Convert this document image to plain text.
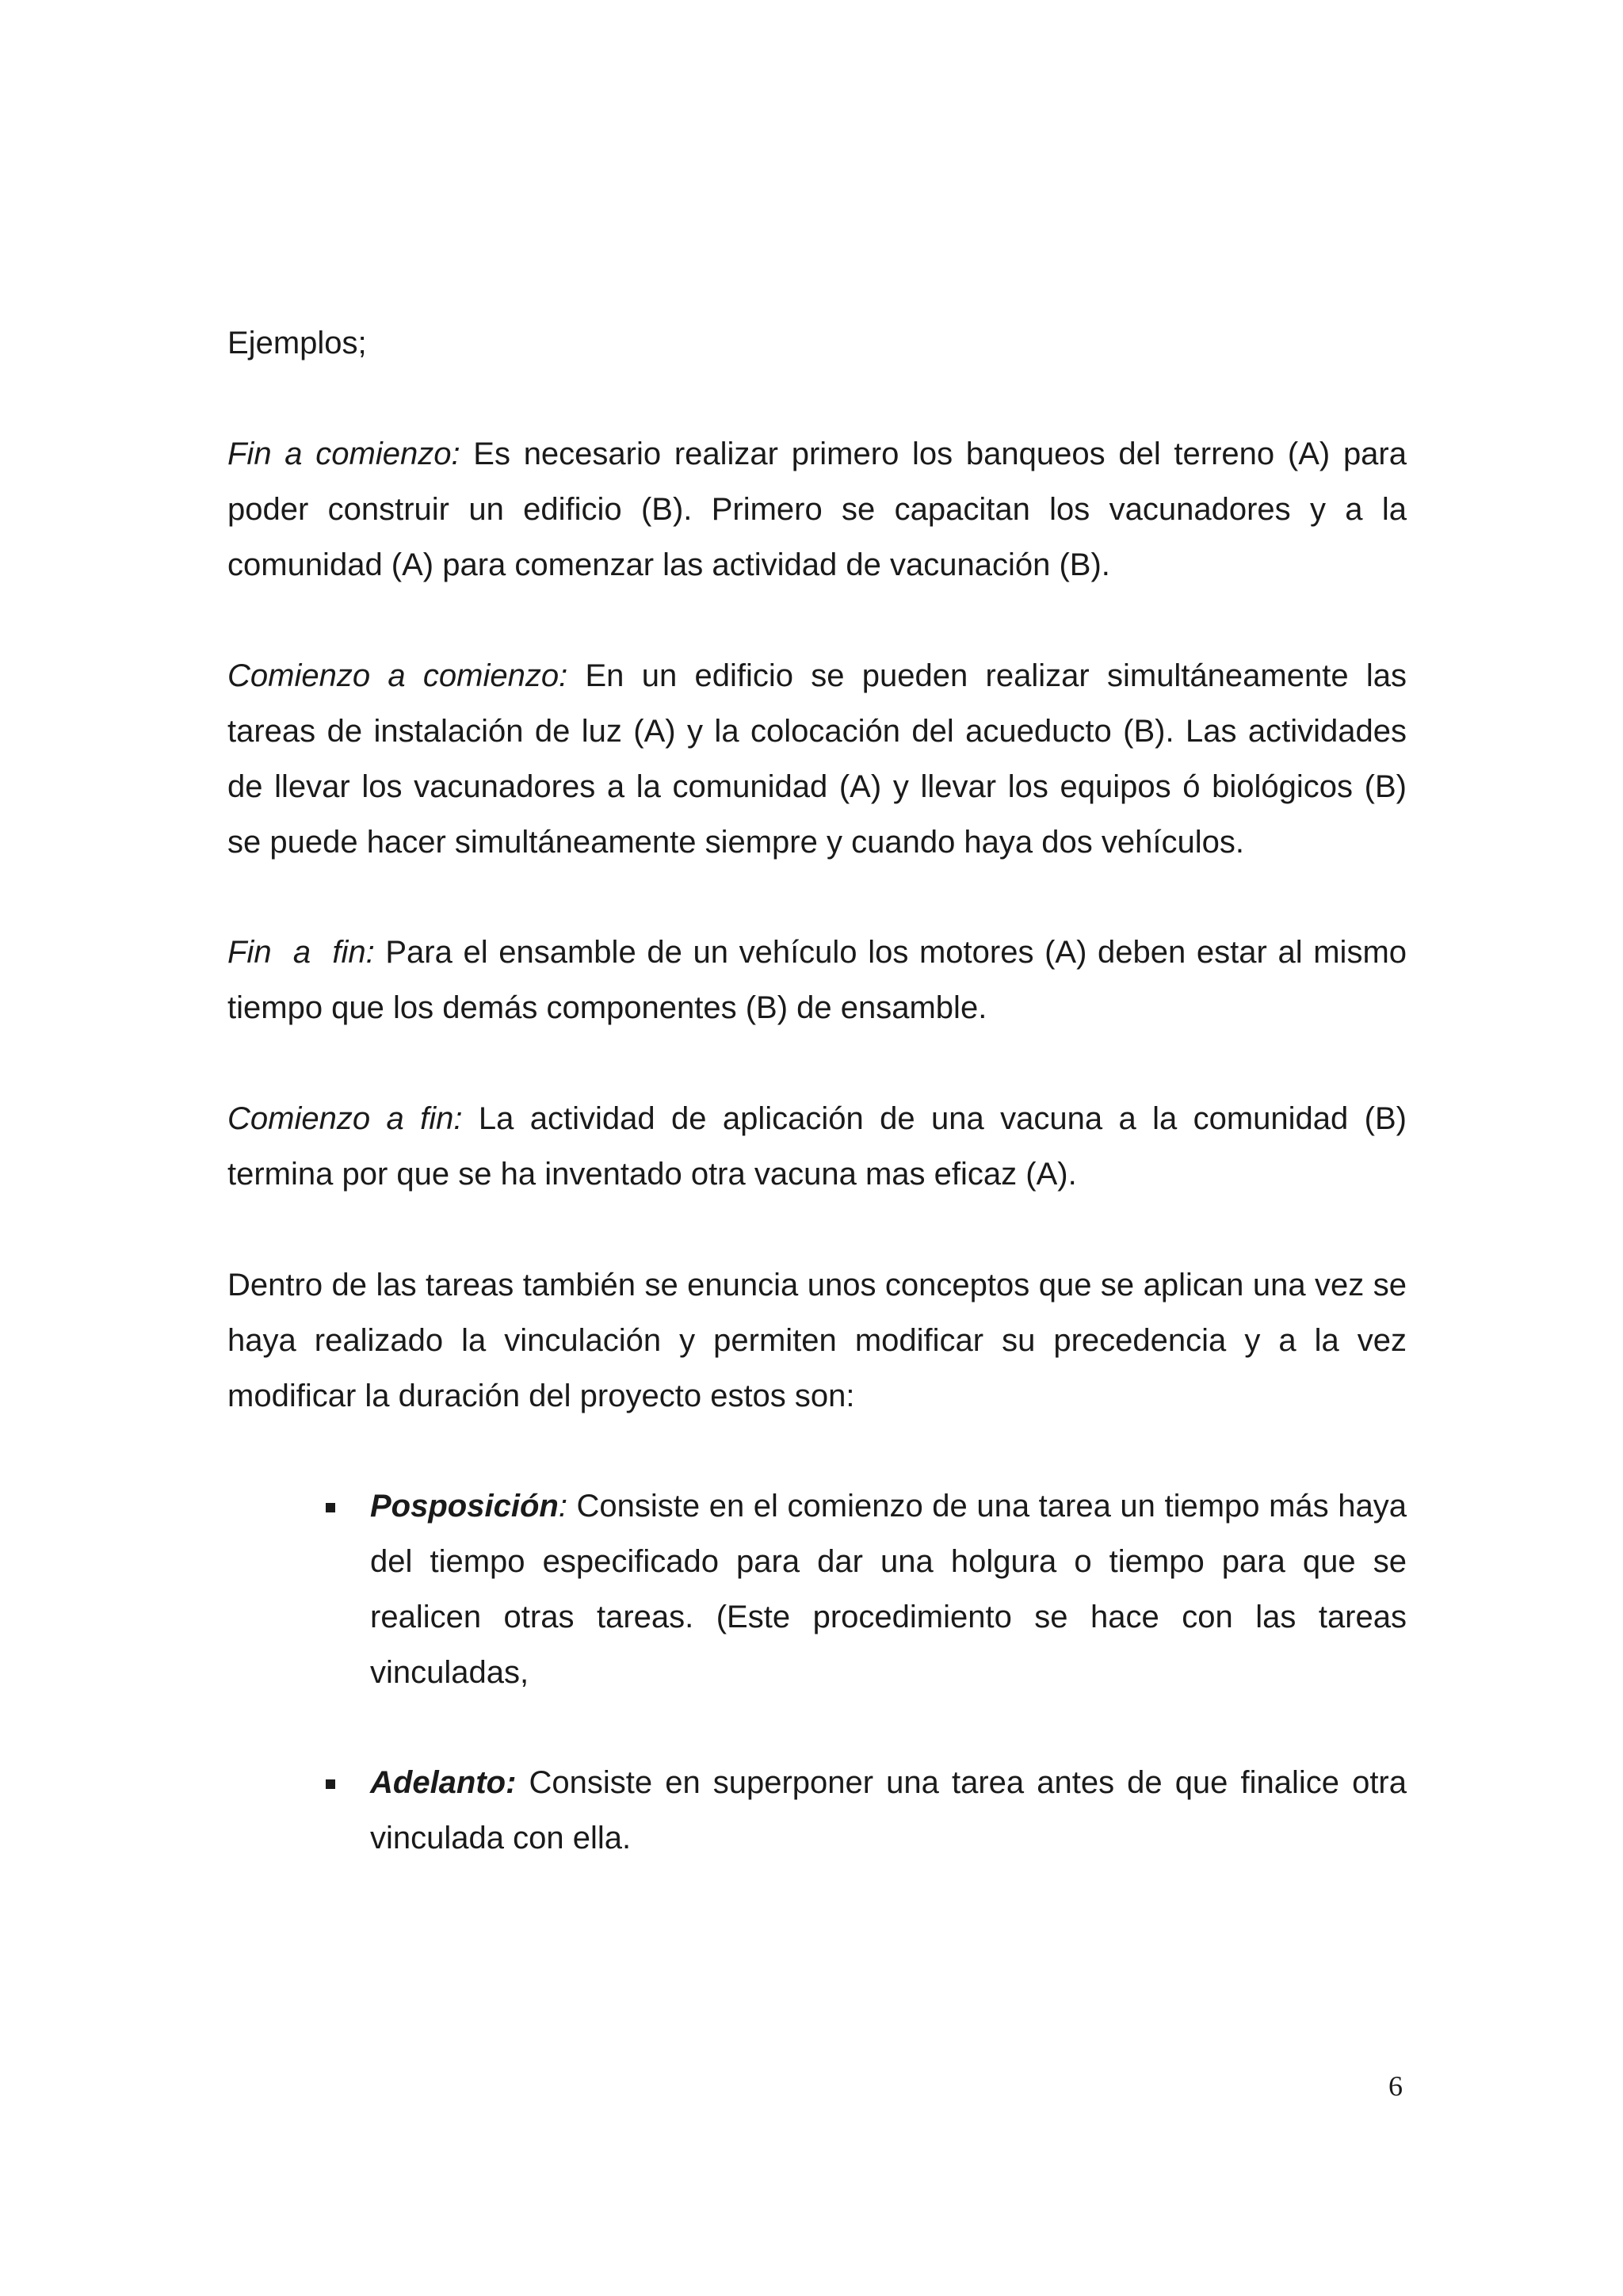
Ejemplos;

Fin a comienzo: Es necesario realizar primero los banqueos del terreno (A) para poder construir un edificio (B). Primero se capacitan los vacunadores y a la comunidad (A) para comenzar las actividad de vacunación (B).

Comienzo a comienzo: En un edificio se pueden realizar simultáneamente las tareas de instalación de luz (A) y la colocación del acueducto (B). Las actividades de llevar los vacunadores a la comunidad (A) y llevar los equipos ó biológicos (B) se puede hacer simultáneamente siempre y cuando haya dos vehículos.

Fin  a  fin: Para el ensamble de un vehículo los motores (A) deben estar al mismo tiempo que los demás componentes (B) de ensamble.

Comienzo a fin: La actividad de aplicación de una vacuna a la comunidad (B) termina por que se ha inventado otra vacuna mas eficaz (A).

Dentro de las tareas también se enuncia unos conceptos que se aplican una vez se haya realizado la vinculación y permiten modificar su precedencia y a la vez modificar la duración del proyecto estos son:

Posposición: Consiste en el comienzo de una tarea un tiempo más haya del tiempo especificado para dar una holgura o tiempo para que se realicen otras tareas. (Este procedimiento se hace con las tareas vinculadas,
Adelanto: Consiste en superponer una tarea antes de que finalice otra vinculada con ella.
6
